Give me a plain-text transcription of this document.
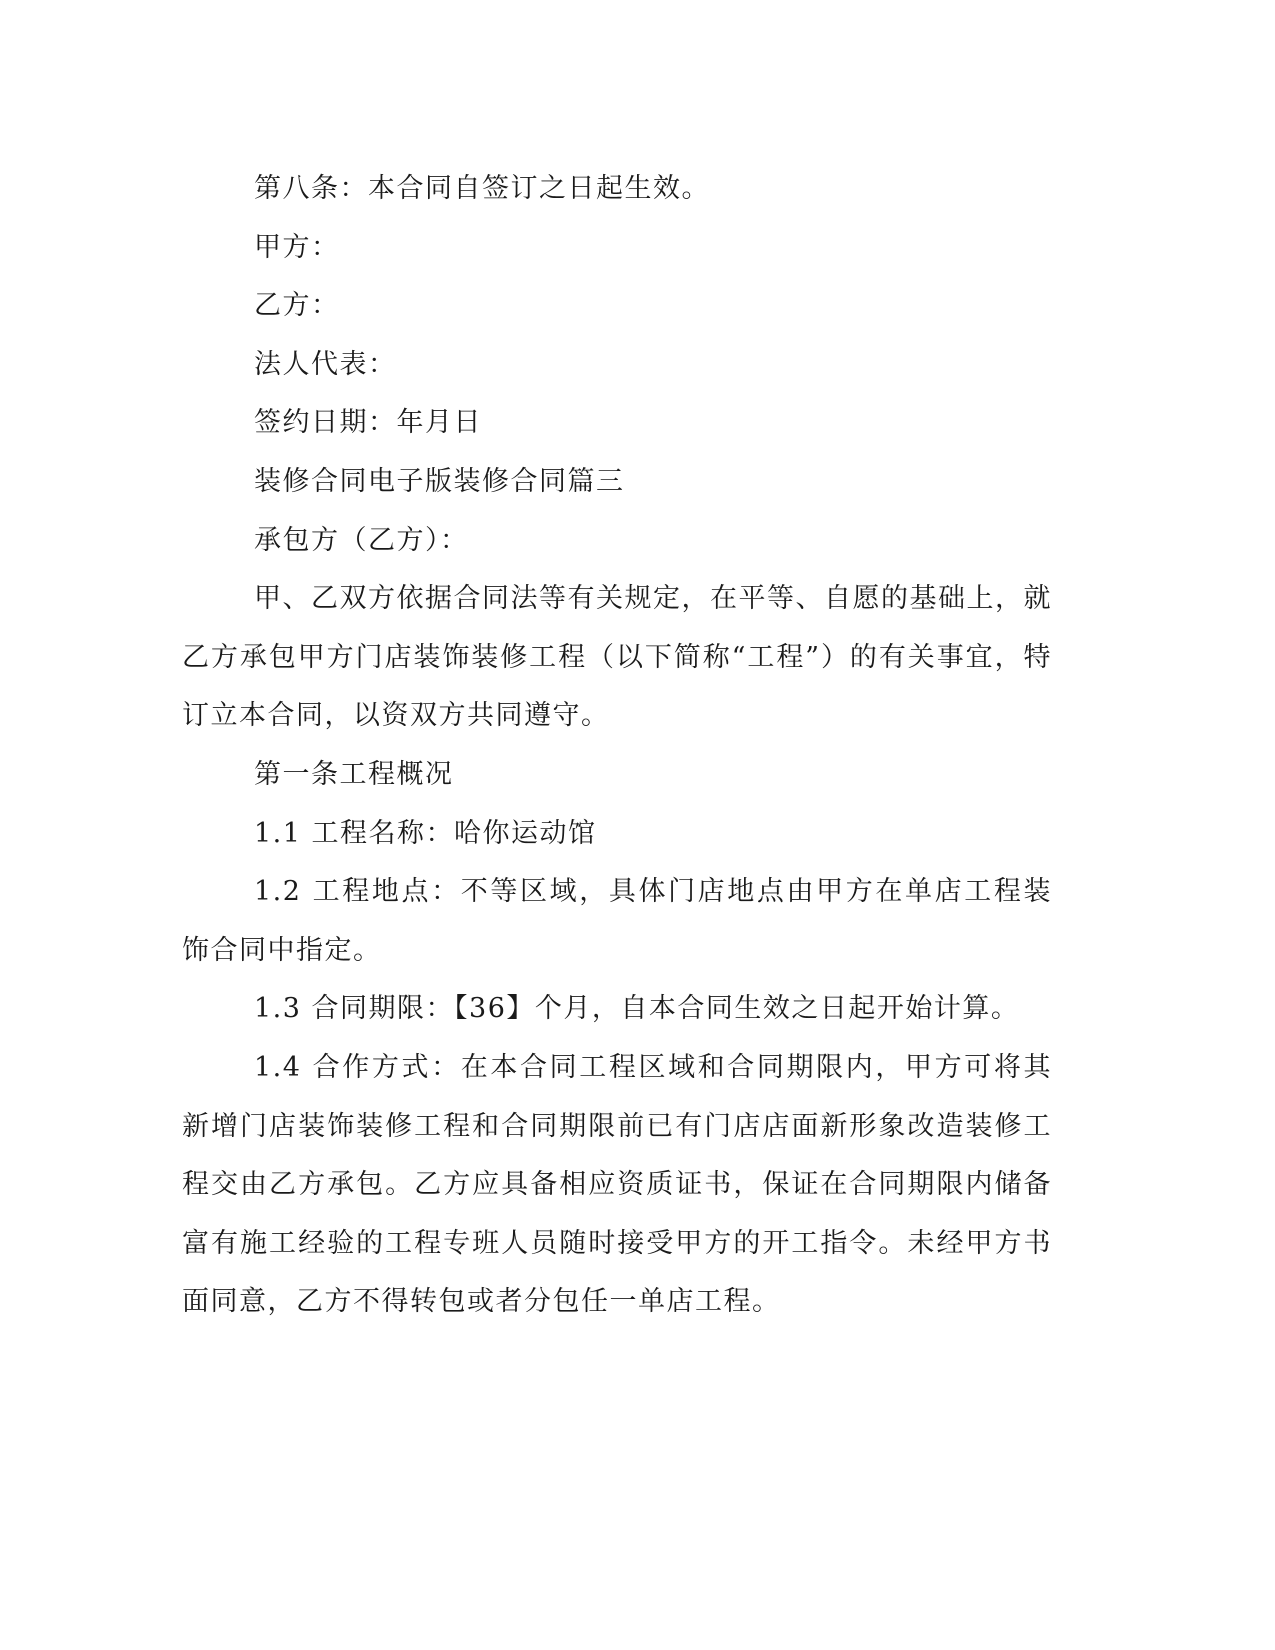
第八条：本合同自签订之日起生效。

甲方：

乙方：

法人代表：

签约日期：年月日

装修合同电子版装修合同篇三

承包方（乙方）：

甲、乙双方依据合同法等有关规定，在平等、自愿的基础上，就乙方承包甲方门店装饰装修工程（以下简称“工程”）的有关事宜，特订立本合同，以资双方共同遵守。

第一条工程概况

1.1 工程名称：哈你运动馆

1.2 工程地点：不等区域，具体门店地点由甲方在单店工程装饰合同中指定。

1.3 合同期限：【36】个月，自本合同生效之日起开始计算。

1.4 合作方式：在本合同工程区域和合同期限内，甲方可将其新增门店装饰装修工程和合同期限前已有门店店面新形象改造装修工程交由乙方承包。乙方应具备相应资质证书，保证在合同期限内储备富有施工经验的工程专班人员随时接受甲方的开工指令。未经甲方书面同意，乙方不得转包或者分包任一单店工程。
